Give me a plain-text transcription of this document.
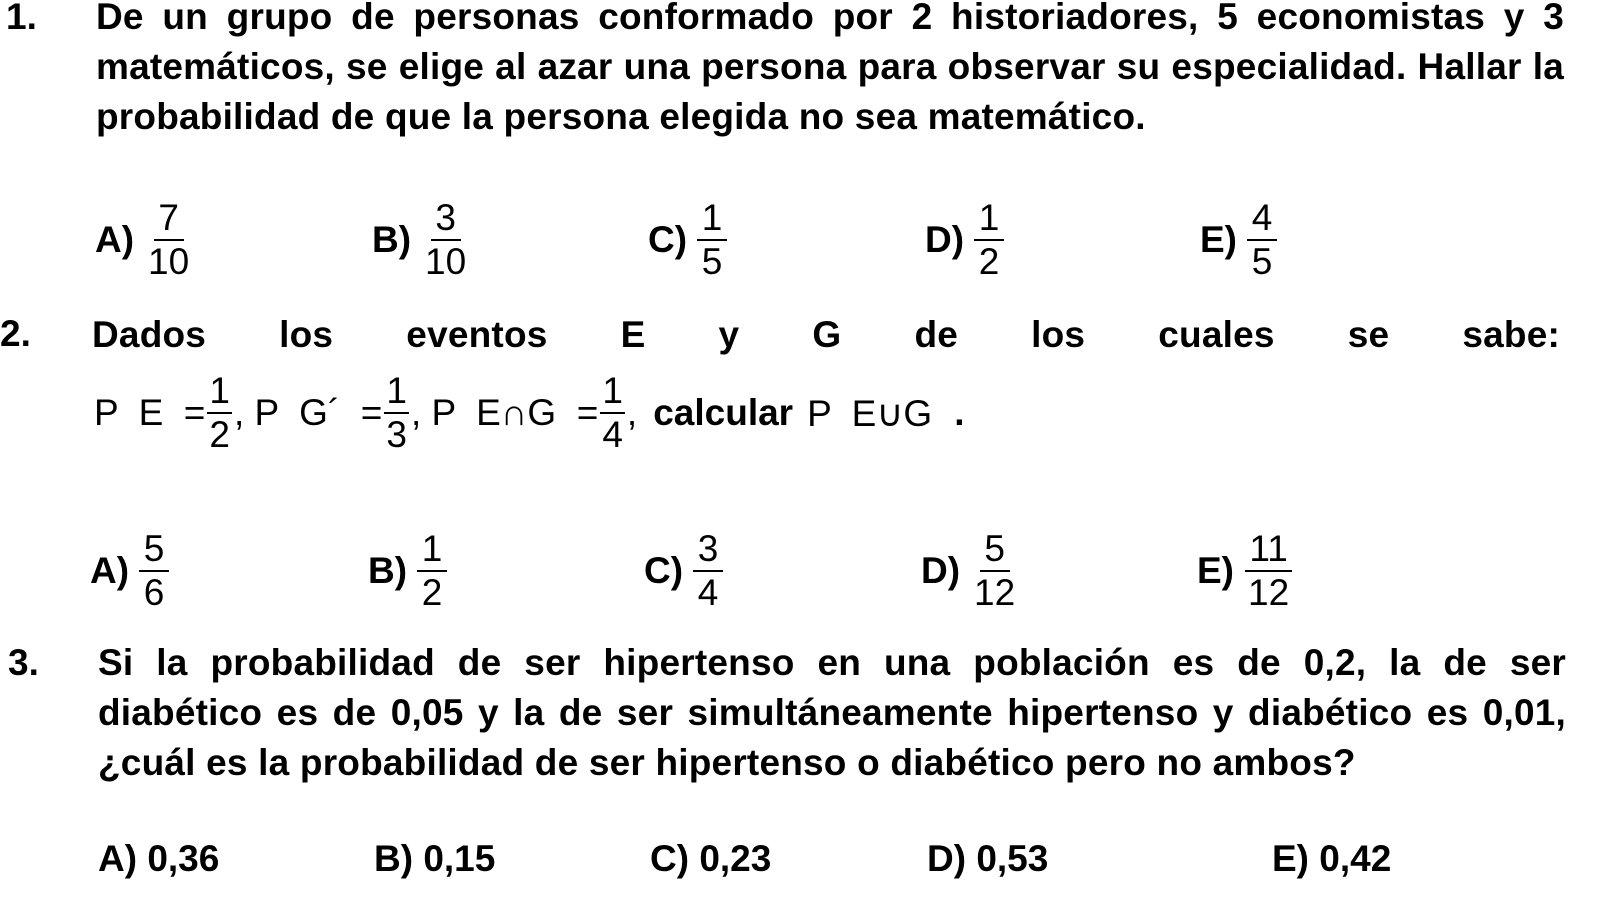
1. De un grupo de personas conformado por 2 historiadores, 5 economistas y 3 matemáticos, se elige al azar una persona para observar su especialidad. Hallar la probabilidad de que la persona elegida no sea matemático.
$A) \frac{7}{10}$	$B) \frac{3}{10}$	$C) \frac{1}{5}$	$D) \frac{1}{2}$	$E) \frac{4}{5}$
2. Dados los eventos E y G de los cuales se sabe:
P  $E = \frac{1}{2}$ , P  G´  = $\frac{1}{3}$ , P  E∩G  = $\frac{1}{4}$ , calcular P  E∪G .
$A) \frac{5}{6}$	$B) \frac{1}{2}$	$C) \frac{3}{4}$	$D) \frac{5}{12}$	$E) \frac{11}{12}$
3. Si la probabilidad de ser hipertenso en una población es de 0,2, la de ser diabético es de 0,05 y la de ser simultáneamente hipertenso y diabético es 0,01, ¿cuál es la probabilidad de ser hipertenso o diabético pero no ambos?
A) 0,36	B) 0,15	C) 0,23	D) 0,53	E) 0,42
